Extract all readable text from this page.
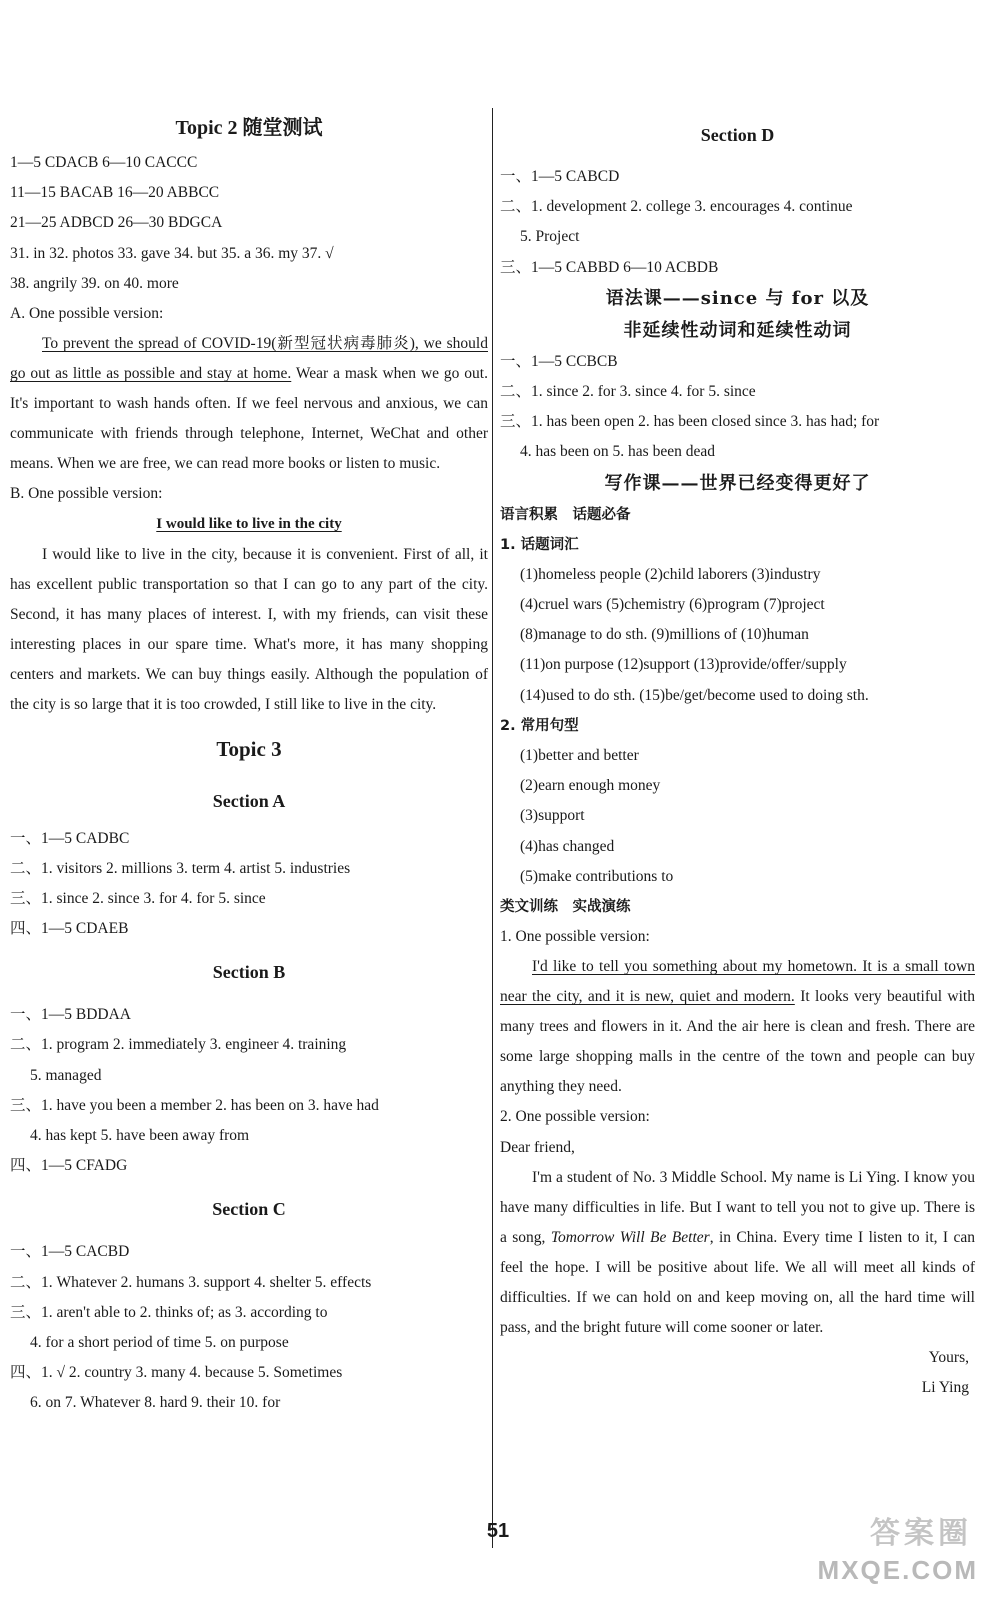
Topic 2 随堂测试
1—5 CDACB 6—10 CACCC
11—15 BACAB 16—20 ABBCC
21—25 ADBCD 26—30 BDGCA
31. in 32. photos 33. gave 34. but 35. a 36. my 37. √
38. angrily 39. on 40. more
A. One possible version:
To prevent the spread of COVID-19(新型冠状病毒肺炎), we should go out as little as possible and stay at home. Wear a mask when we go out. It's important to wash hands often. If we feel nervous and anxious, we can communicate with friends through telephone, Internet, WeChat and other means. When we are free, we can read more books or listen to music.
B. One possible version:
I would like to live in the city
I would like to live in the city, because it is convenient. First of all, it has excellent public transportation so that I can go to any part of the city. Second, it has many places of interest. I, with my friends, can visit these interesting places in our spare time. What's more, it has many shopping centers and markets. We can buy things easily. Although the population of the city is so large that it is too crowded, I still like to live in the city.
Topic 3
Section A
一、1—5 CADBC
二、1. visitors 2. millions 3. term 4. artist 5. industries
三、1. since 2. since 3. for 4. for 5. since
四、1—5 CDAEB
Section B
一、1—5 BDDAA
二、1. program 2. immediately 3. engineer 4. training
5. managed
三、1. have you been a member 2. has been on 3. have had
4. has kept 5. have been away from
四、1—5 CFADG
Section C
一、1—5 CACBD
二、1. Whatever 2. humans 3. support 4. shelter 5. effects
三、1. aren't able to 2. thinks of; as 3. according to
4. for a short period of time 5. on purpose
四、1. √ 2. country 3. many 4. because 5. Sometimes
6. on 7. Whatever 8. hard 9. their 10. for
Section D
一、1—5 CABCD
二、1. development 2. college 3. encourages 4. continue
5. Project
三、1—5 CABBD 6—10 ACBDB
语法课——since 与 for 以及
非延续性动词和延续性动词
一、1—5 CCBCB
二、1. since 2. for 3. since 4. for 5. since
三、1. has been open 2. has been closed since 3. has had; for
4. has been on 5. has been dead
写作课——世界已经变得更好了
语言积累　话题必备
1. 话题词汇
(1)homeless people (2)child laborers (3)industry
(4)cruel wars (5)chemistry (6)program (7)project
(8)manage to do sth. (9)millions of (10)human
(11)on purpose (12)support (13)provide/offer/supply
(14)used to do sth. (15)be/get/become used to doing sth.
2. 常用句型
(1)better and better
(2)earn enough money
(3)support
(4)has changed
(5)make contributions to
类文训练　实战演练
1. One possible version:
I'd like to tell you something about my hometown. It is a small town near the city, and it is new, quiet and modern. It looks very beautiful with many trees and flowers in it. And the air here is clean and fresh. There are some large shopping malls in the centre of the town and people can buy anything they need.
2. One possible version:
Dear friend,
I'm a student of No. 3 Middle School. My name is Li Ying. I know you have many difficulties in life. But I want to tell you not to give up. There is a song, Tomorrow Will Be Better, in China. Every time I listen to it, I can feel the hope. I will be positive about life. We all will meet all kinds of difficulties. If we can hold on and keep moving on, all the hard time will pass, and the bright future will come sooner or later.
Yours,
Li Ying
51	答案圈
MXQE.COM
